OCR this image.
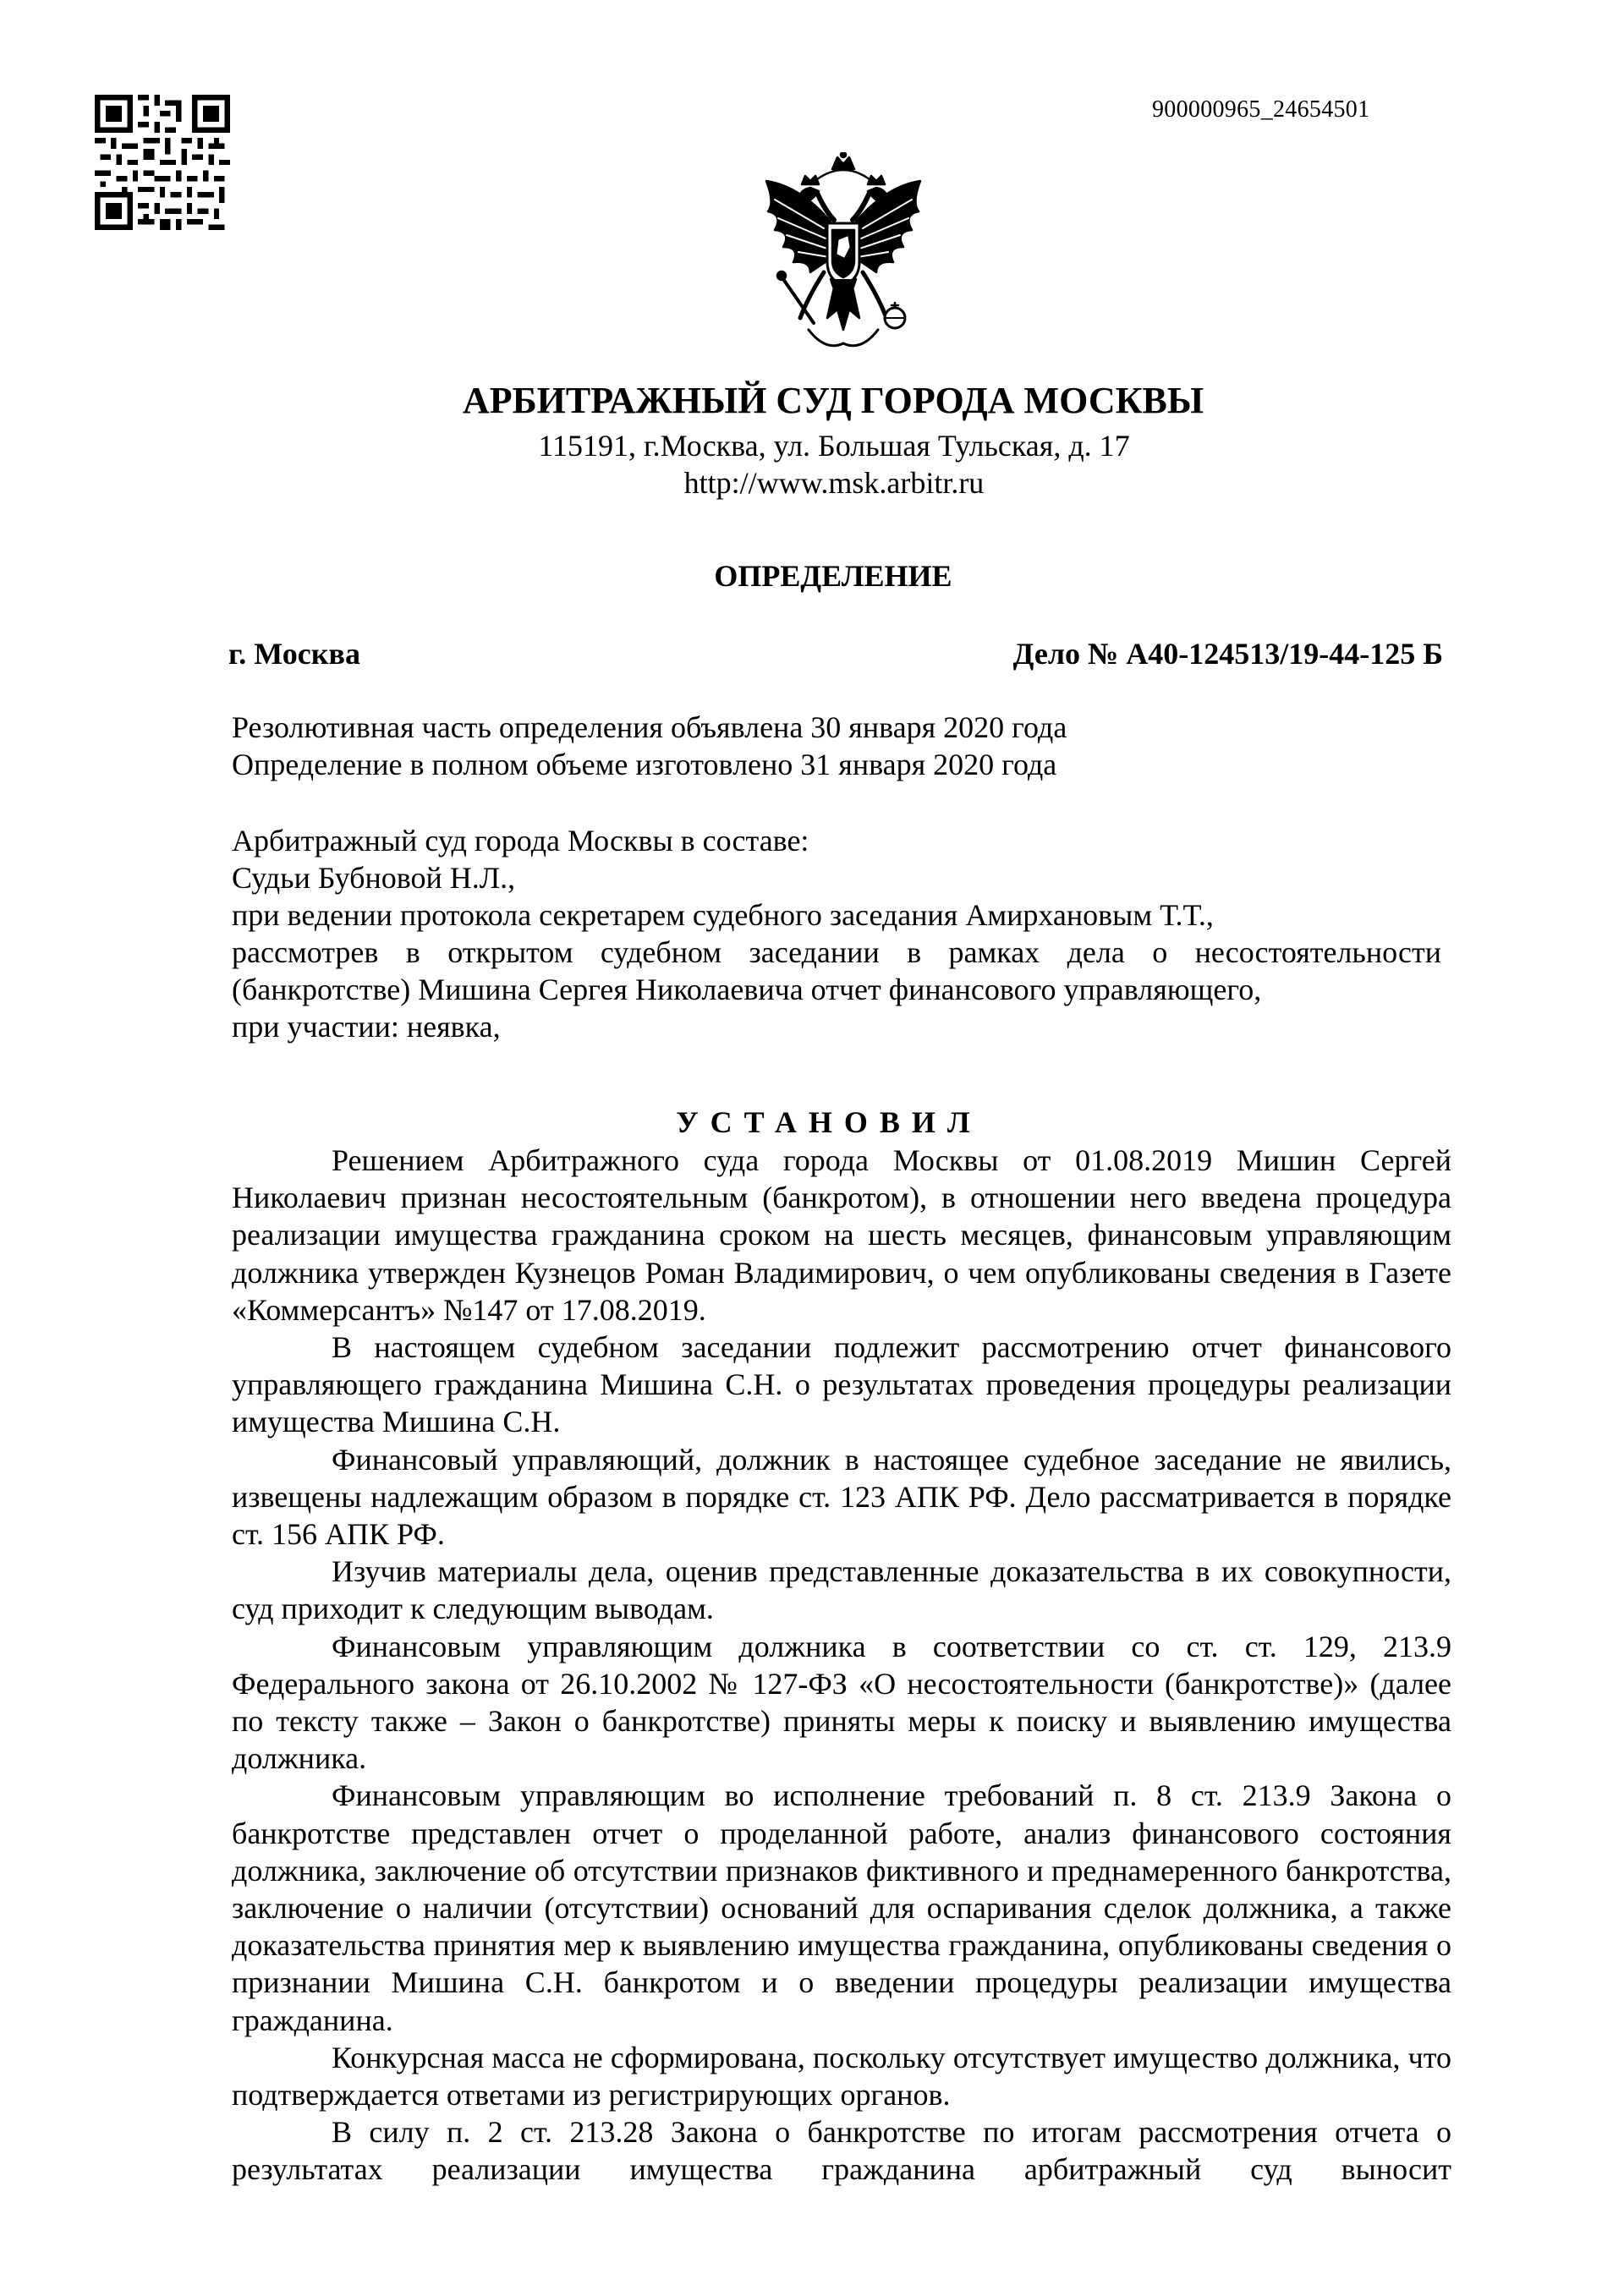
900000965_24654501
АРБИТРАЖНЫЙ СУД ГОРОДА МОСКВЫ
115191, г.Москва, ул. Большая Тульская, д. 17
http://www.msk.arbitr.ru
ОПРЕДЕЛЕНИЕ
г. Москва	Дело № А40-124513/19-44-125 Б
Резолютивная часть определения объявлена 30 января 2020 года
Определение в полном объеме изготовлено 31 января 2020 года
Арбитражный суд города Москвы в составе:
Судьи Бубновой Н.Л.,
при ведении протокола секретарем судебного заседания Амирхановым Т.Т.,
рассмотрев в открытом судебном заседании в рамках дела о несостоятельности
(банкротстве) Мишина Сергея Николаевича отчет финансового управляющего,
при участии: неявка,
УСТАНОВИЛ

Решением Арбитражного суда города Москвы от 01.08.2019 Мишин Сергей Николаевич признан несостоятельным (банкротом), в отношении него введена процедура реализации имущества гражданина сроком на шесть месяцев, финансовым управляющим должника утвержден Кузнецов Роман Владимирович, о чем опубликованы сведения в Газете «Коммерсантъ» №147 от 17.08.2019.

В настоящем судебном заседании подлежит рассмотрению отчет финансового управляющего гражданина Мишина С.Н. о результатах проведения процедуры реализации имущества Мишина С.Н.

Финансовый управляющий, должник в настоящее судебное заседание не явились, извещены надлежащим образом в порядке ст. 123 АПК РФ. Дело рассматривается в порядке ст. 156 АПК РФ.

Изучив материалы дела, оценив представленные доказательства в их совокупности, суд приходит к следующим выводам.

Финансовым управляющим должника в соответствии со ст. ст. 129, 213.9 Федерального закона от 26.10.2002 № 127-ФЗ «О несостоятельности (банкротстве)» (далее по тексту также – Закон о банкротстве) приняты меры к поиску и выявлению имущества должника.

Финансовым управляющим во исполнение требований п. 8 ст. 213.9 Закона о банкротстве представлен отчет о проделанной работе, анализ финансового состояния должника, заключение об отсутствии признаков фиктивного и преднамеренного банкротства, заключение о наличии (отсутствии) оснований для оспаривания сделок должника, а также доказательства принятия мер к выявлению имущества гражданина, опубликованы сведения о признании Мишина С.Н. банкротом и о введении процедуры реализации имущества гражданина.

Конкурсная масса не сформирована, поскольку отсутствует имущество должника, что подтверждается ответами из регистрирующих органов.

В силу п. 2 ст. 213.28 Закона о банкротстве по итогам рассмотрения отчета о результатах реализации имущества гражданина арбитражный суд выносит
